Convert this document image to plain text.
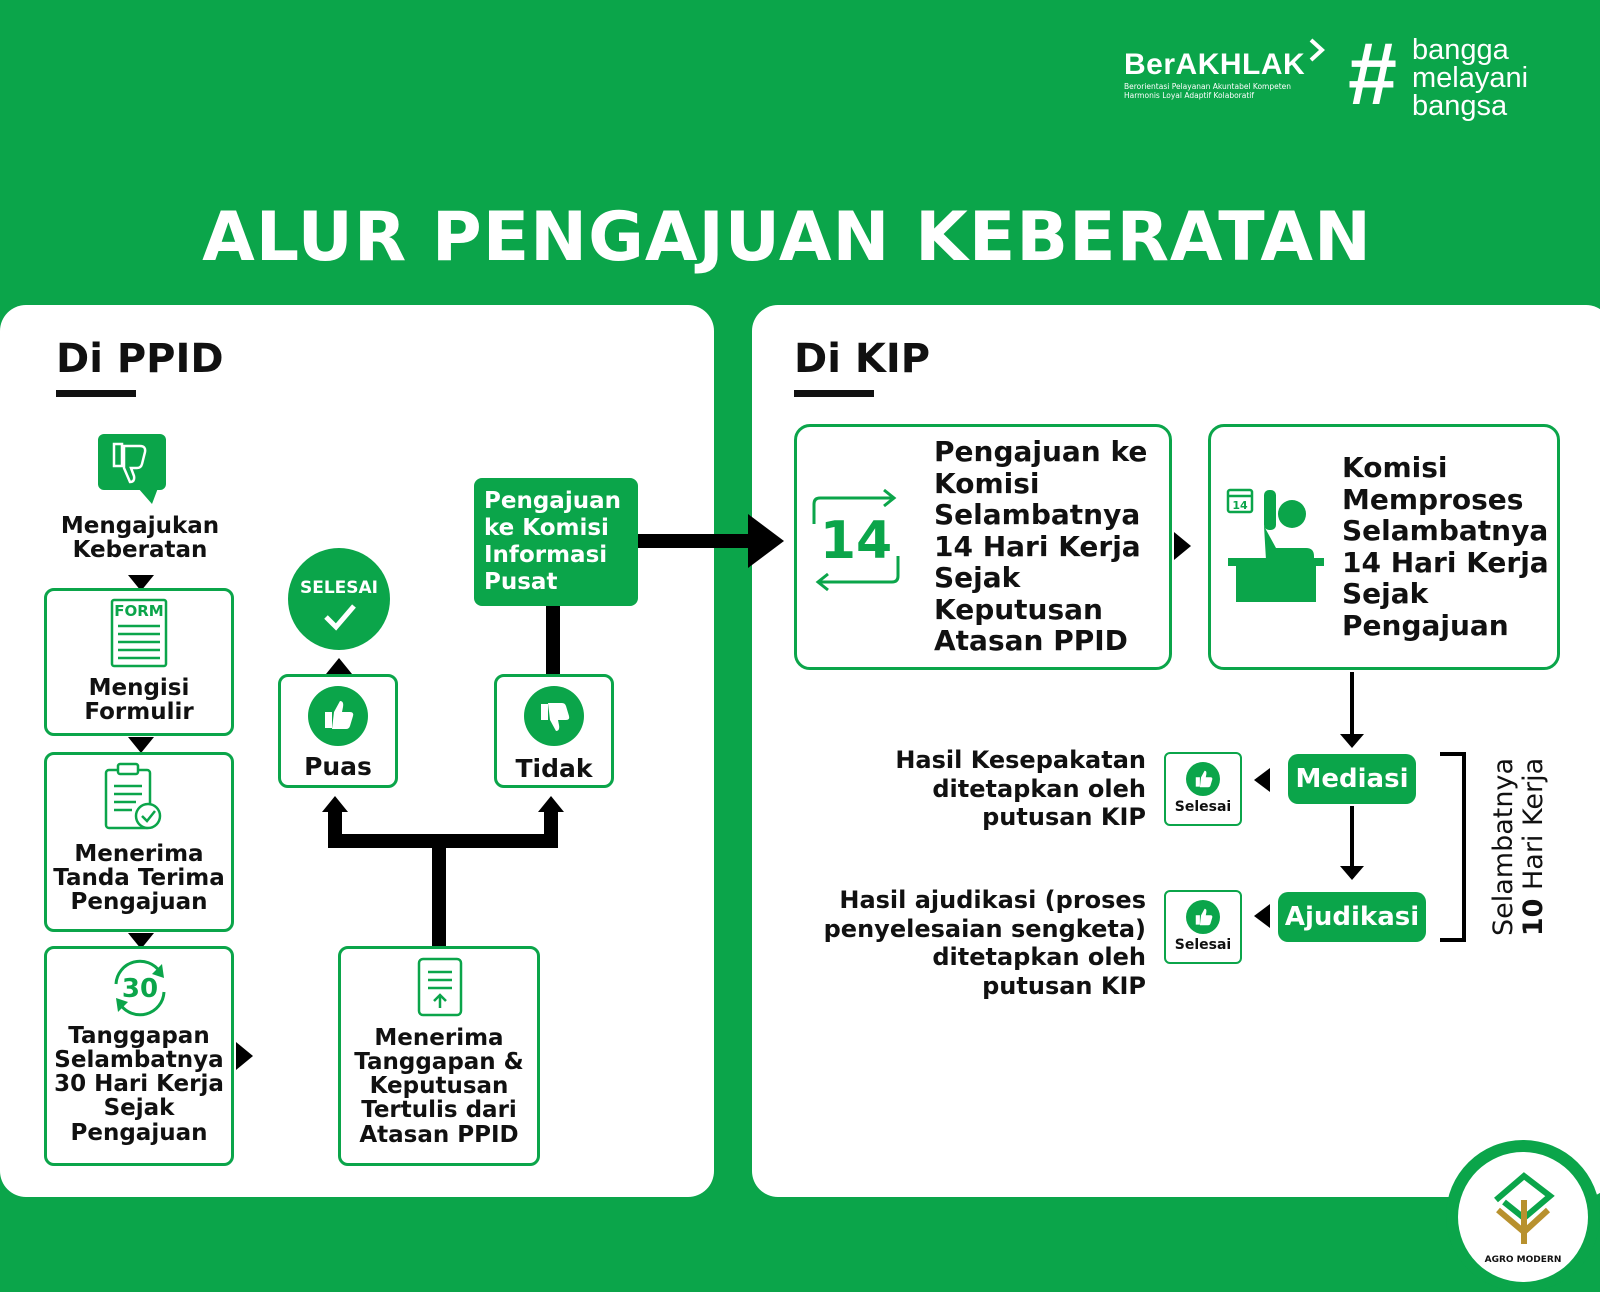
BerAKHLAK
Berorientasi Pelayanan Akuntabel Kompeten
Harmonis Loyal Adaptif Kolaboratif	# bangga
melayani
bangsa
ALUR PENGAJUAN KEBERATAN
Di PPID
Mengajukan
Keberatan
FORM
Mengisi
Formulir
Menerima
Tanda Terima
Pengajuan
30
Tanggapan
Selambatnya
30 Hari Kerja
Sejak
Pengajuan
Menerima
Tanggapan &
Keputusan
Tertulis dari
Atasan PPID
Puas
SELESAI
Tidak
Pengajuan
ke Komisi
Informasi
Pusat
Di KIP
14
Pengajuan ke
Komisi
Selambatnya
14 Hari Kerja
Sejak
Keputusan
Atasan PPID
14
Komisi
Memproses
Selambatnya
14 Hari Kerja
Sejak
Pengajuan
Mediasi
Ajudikasi
Selesai
Selesai
Hasil Kesepakatan
ditetapkan oleh
putusan KIP
Hasil ajudikasi (proses
penyelesaian sengketa)
ditetapkan oleh
putusan KIP
Selambatnya 10 Hari Kerja
AGRO MODERN
